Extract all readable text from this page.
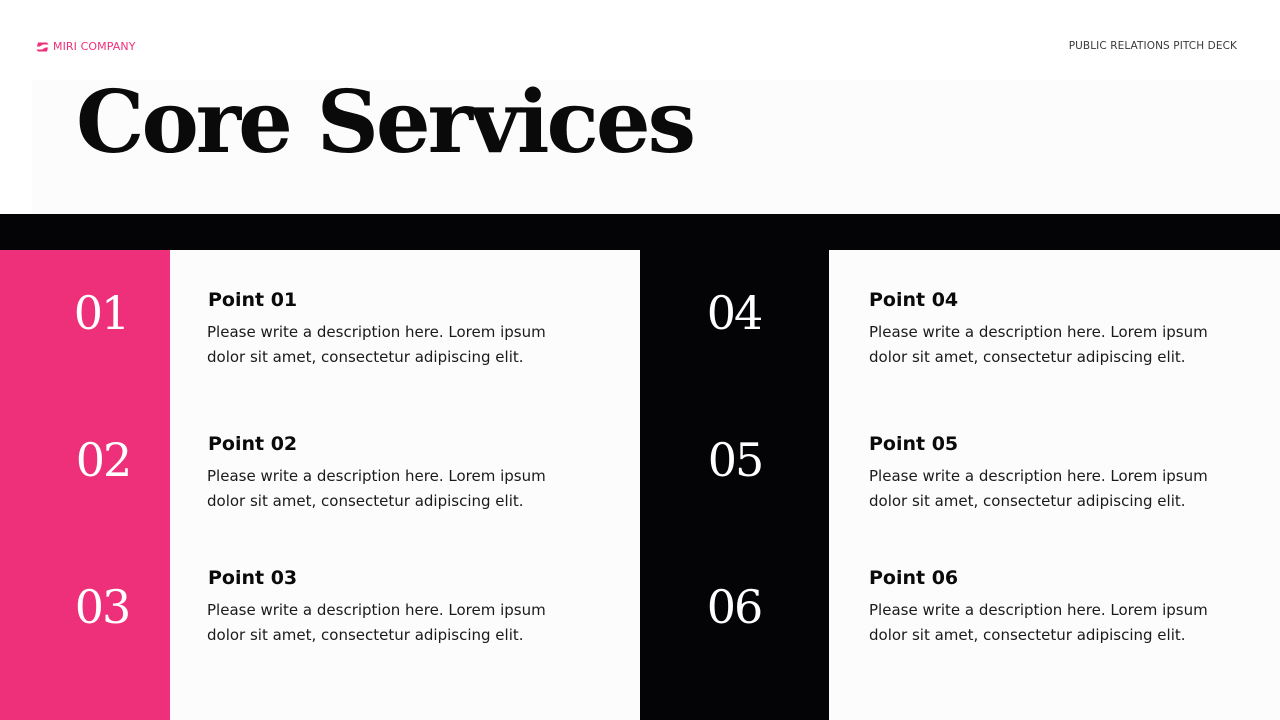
MIRI COMPANY	PUBLIC RELATIONS PITCH DECK
Core Services
01	Point 01

Please write a description here. Lorem ipsum
dolor sit amet, consectetur adipiscing elit.

02	Point 02

Please write a description here. Lorem ipsum
dolor sit amet, consectetur adipiscing elit.

03
Point 03

Please write a description here. Lorem ipsum
dolor sit amet, consectetur adipiscing elit.

04	Point 04

Please write a description here. Lorem ipsum
dolor sit amet, consectetur adipiscing elit.

05	Point 05

Please write a description here. Lorem ipsum
dolor sit amet, consectetur adipiscing elit.

06
Point 06

Please write a description here. Lorem ipsum
dolor sit amet, consectetur adipiscing elit.
